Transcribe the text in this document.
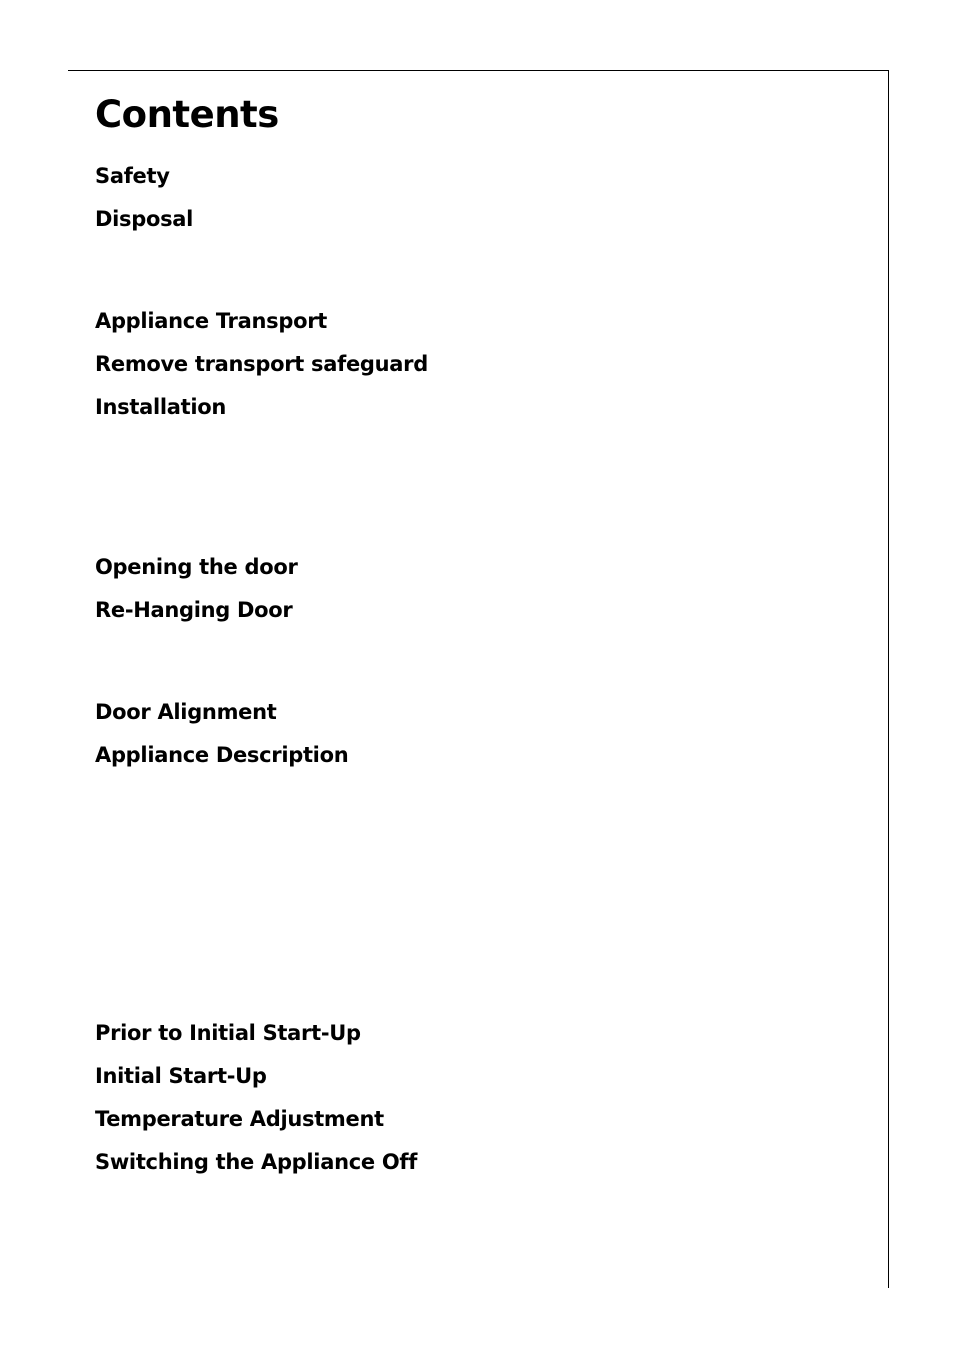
Contents

Safety

Disposal

Appliance Transport

Remove transport safeguard

Installation

Opening the door

Re-Hanging Door

Door Alignment

Appliance Description

Prior to Initial Start-Up

Initial Start-Up

Temperature Adjustment

Switching the Appliance Off
